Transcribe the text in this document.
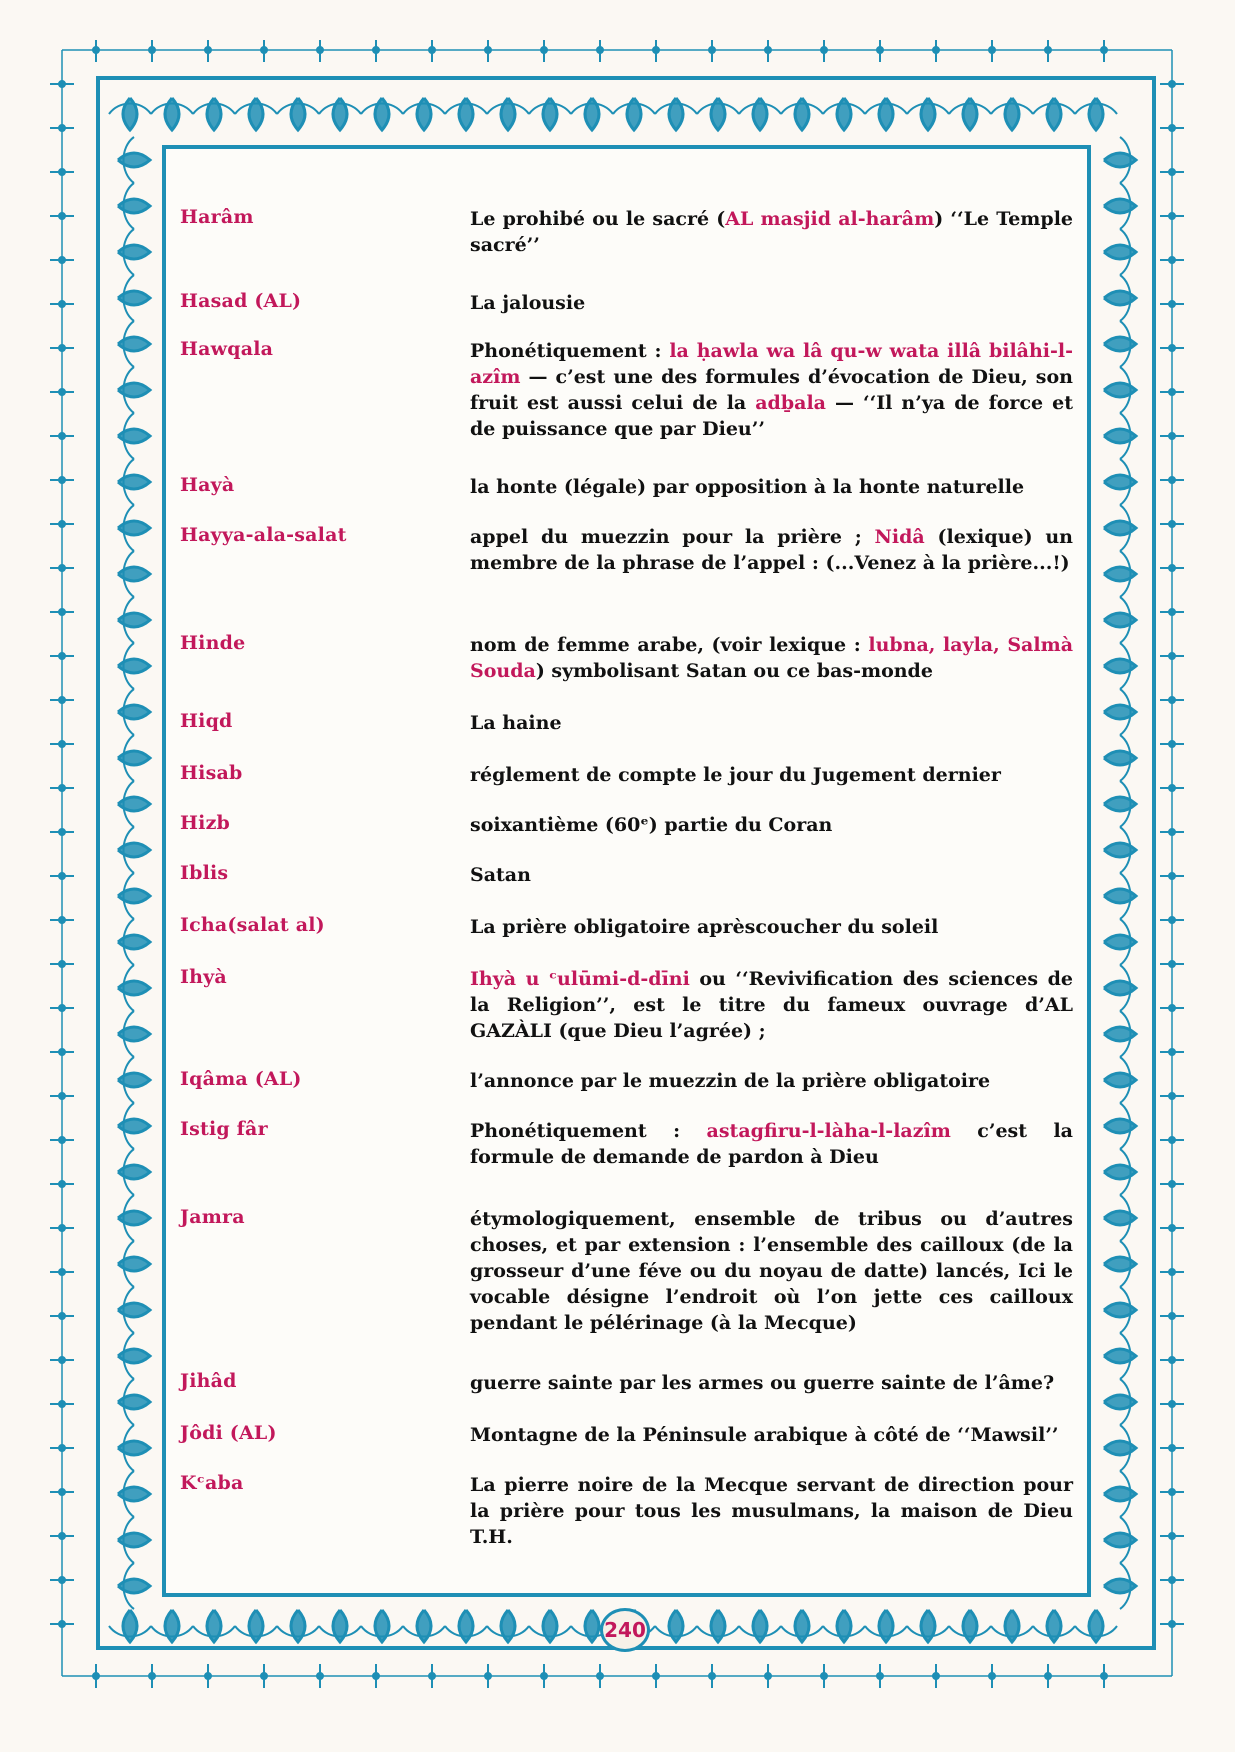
Harâm	Le prohibé ou le sacré (AL masjid al-harâm) ‘‘Le Temple sacré’’
Hasad (AL)	La jalousie
Hawqala	Phonétiquement : la ḥawla wa lâ qu-w wata illâ bilâhi-l-azîm — c’est une des formules d’évocation de Dieu, son fruit est aussi celui de la adḇala — ‘‘Il n’ya de force et de puissance que par Dieu’’
Hayà	la honte (légale) par opposition à la honte naturelle
Hayya-ala-salat	appel du muezzin pour la prière ; Nidâ (lexique) un membre de la phrase de l’appel : (...Venez à la prière...!)
Hinde	nom de femme arabe, (voir lexique : lubna, layla, Salmà Souda) symbolisant Satan ou ce bas-monde
Hiqd	La haine
Hisab	réglement de compte le jour du Jugement dernier
Hizb	soixantième (60ᵉ) partie du Coran
Iblis	Satan
Icha(salat al)	La prière obligatoire aprèscoucher du soleil
Ihyà	Ihyà u ᶜulūmi-d-dīni ou ‘‘Revivification des sciences de la Religion’’, est le titre du fameux ouvrage d’AL GAZÀLI (que Dieu l’agrée) ;
Iqâma (AL)	l’annonce par le muezzin de la prière obligatoire
Istig fâr	Phonétiquement : astagfiru-l-làha-l-lazîm c’est la formule de demande de pardon à Dieu
Jamra	étymologiquement, ensemble de tribus ou d’autres choses, et par extension : l’ensemble des cailloux (de la grosseur d’une féve ou du noyau de datte) lancés, Ici le vocable désigne l’endroit où l’on jette ces cailloux pendant le pélérinage (à la Mecque)
Jihâd	guerre sainte par les armes ou guerre sainte de l’âme?
Jôdi (AL)	Montagne de la Péninsule arabique à côté de ‘‘Mawsil’’
Kᶜaba	La pierre noire de la Mecque servant de direction pour la prière pour tous les musulmans, la maison de Dieu T.H.
240
